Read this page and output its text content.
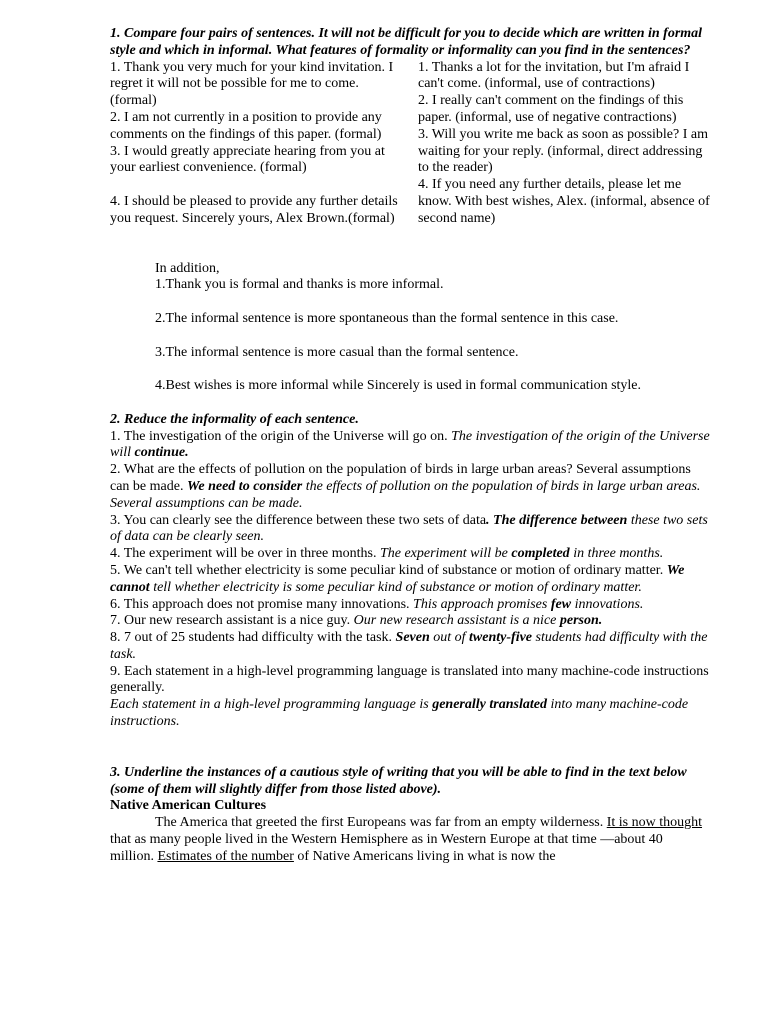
1. Compare four pairs of sentences. It will not be difficult for you to decide which are written in formal style and which in informal. What features of formality or informality can you find in the sentences?

1. Thank you very much for your kind invitation. I regret it will not be possible for me to come. (formal)

2. I am not currently in a position to provide any comments on the findings of this paper. (formal)

3. I would greatly appreciate hearing from you at your earliest convenience. (formal)

4. I should be pleased to provide any further details you request. Sincerely yours, Alex Brown.(formal)

1. Thanks a lot for the invitation, but I'm afraid I can't come. (informal, use of contractions)

2. I really can't comment on the findings of this paper. (informal, use of negative contractions)

3. Will you write me back as soon as possible? I am waiting for your reply. (informal, direct addressing to the reader)

4. If you need any further details, please let me know. With best wishes, Alex. (informal, absence of second name)

In addition,

1.Thank you is formal and thanks is more informal.

2.The informal sentence is more spontaneous than the formal sentence in this case.

3.The informal sentence is more casual than the formal sentence.

4.Best wishes is more informal while Sincerely is used in formal communication style.

2. Reduce the informality of each sentence.

1. The investigation of the origin of the Universe will go on. The investigation of the origin of the Universe will continue.

2. What are the effects of pollution on the population of birds in large urban areas? Several assumptions can be made. We need to consider the effects of pollution on the population of birds in large urban areas. Several assumptions can be made.

3. You can clearly see the difference between these two sets of data. The difference between these two sets of data can be clearly seen.

4. The experiment will be over in three months. The experiment will be completed in three months.

5. We can't tell whether electricity is some peculiar kind of substance or motion of ordinary matter. We cannot tell whether electricity is some peculiar kind of substance or motion of ordinary matter.

6. This approach does not promise many innovations. This approach promises few innovations.

7. Our new research assistant is a nice guy. Our new research assistant is a nice person.

8. 7 out of 25 students had difficulty with the task. Seven out of twenty-five students had difficulty with the task.

9. Each statement in a high-level programming language is translated into many machine-code instructions generally.

Each statement in a high-level programming language is generally translated into many machine-code instructions.

3. Underline the instances of a cautious style of writing that you will be able to find in the text below (some of them will slightly differ from those listed above).

Native American Cultures

The America that greeted the first Europeans was far from an empty wilderness. It is now thought that as many people lived in the Western Hemisphere as in Western Europe at that time —about 40 million. Estimates of the number of Native Americans living in what is now the
